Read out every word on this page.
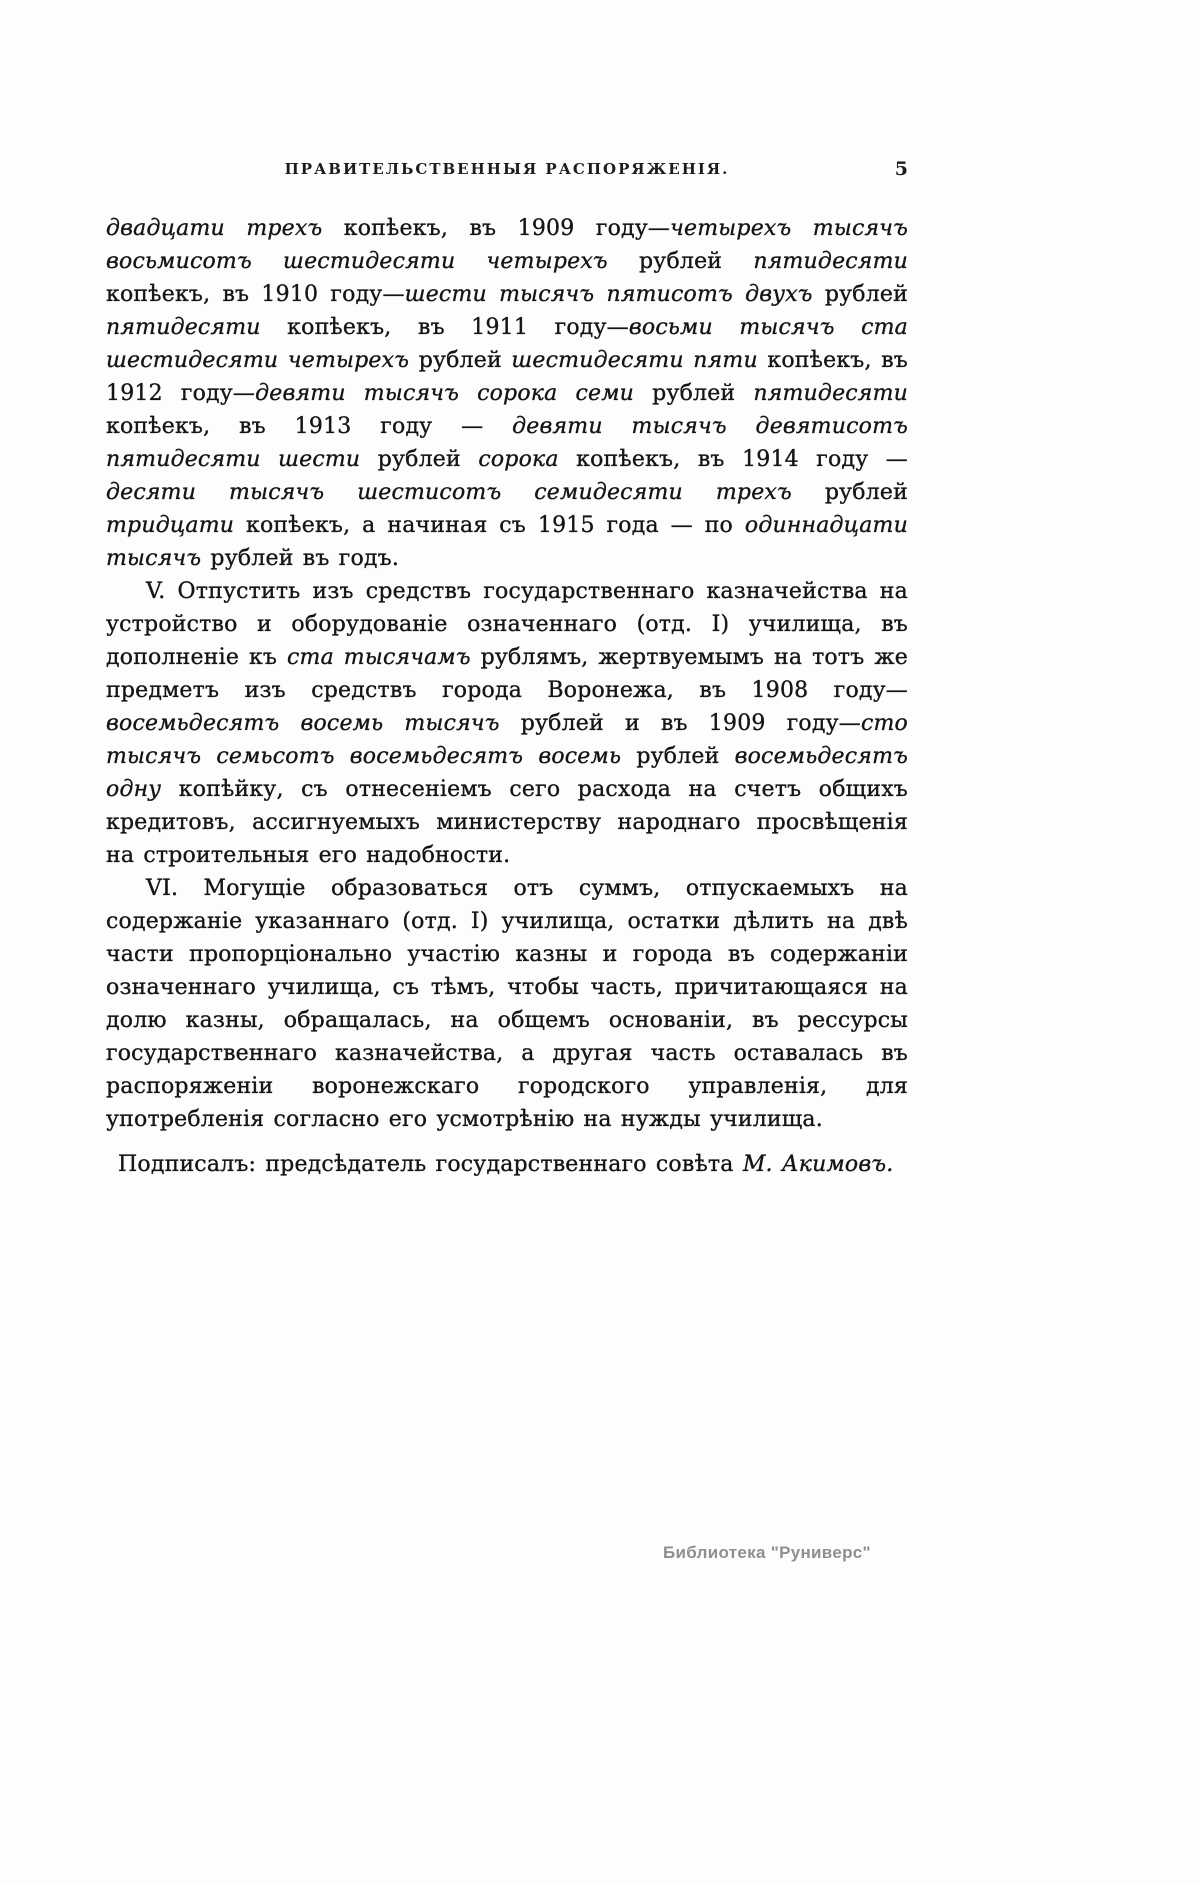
ПРАВИТЕЛЬСТВЕННЫЯ РАСПОРЯЖЕНІЯ.	5

двадцати трехъ копѣекъ, въ 1909 году—четырехъ тысячъ восьмисотъ шестидесяти четырехъ рублей пятидесяти копѣекъ, въ 1910 году—шести тысячъ пятисотъ двухъ рублей пятидесяти копѣекъ, въ 1911 году—восьми тысячъ ста шестидесяти четырехъ рублей шестидесяти пяти копѣекъ, въ 1912 году—девяти тысячъ сорока семи рублей пятидесяти копѣекъ, въ 1913 году — девяти тысячъ девятисотъ пятидесяти шести рублей сорока копѣекъ, въ 1914 году — десяти тысячъ шестисотъ семидесяти трехъ рублей тридцати копѣекъ, а начиная съ 1915 года — по одиннадцати тысячъ рублей въ годъ.

V. Отпустить изъ средствъ государственнаго казначейства на устройство и оборудованіе означеннаго (отд. I) училища, въ дополненіе къ ста тысячамъ рублямъ, жертвуемымъ на тотъ же предметъ изъ средствъ города Воронежа, въ 1908 году—восемьдесятъ восемь тысячъ рублей и въ 1909 году—сто тысячъ семьсотъ восемьдесятъ восемь рублей восемьдесятъ одну копѣйку, съ отнесеніемъ сего расхода на счетъ общихъ кредитовъ, ассигнуемыхъ министерству народнаго просвѣщенія на строительныя его надобности.

VI. Могущіе образоваться отъ суммъ, отпускаемыхъ на содержаніе указаннаго (отд. I) училища, остатки дѣлить на двѣ части пропорціонально участію казны и города въ содержаніи означеннаго училища, съ тѣмъ, чтобы часть, причитающаяся на долю казны, обращалась, на общемъ основаніи, въ рессурсы государственнаго казначейства, а другая часть оставалась въ распоряженіи воронежскаго городского управленія, для употребленія согласно его усмотрѣнію на нужды училища.

Подписалъ: предсѣдатель государственнаго совѣта М. Акимовъ.

Библиотека "Руниверс"
